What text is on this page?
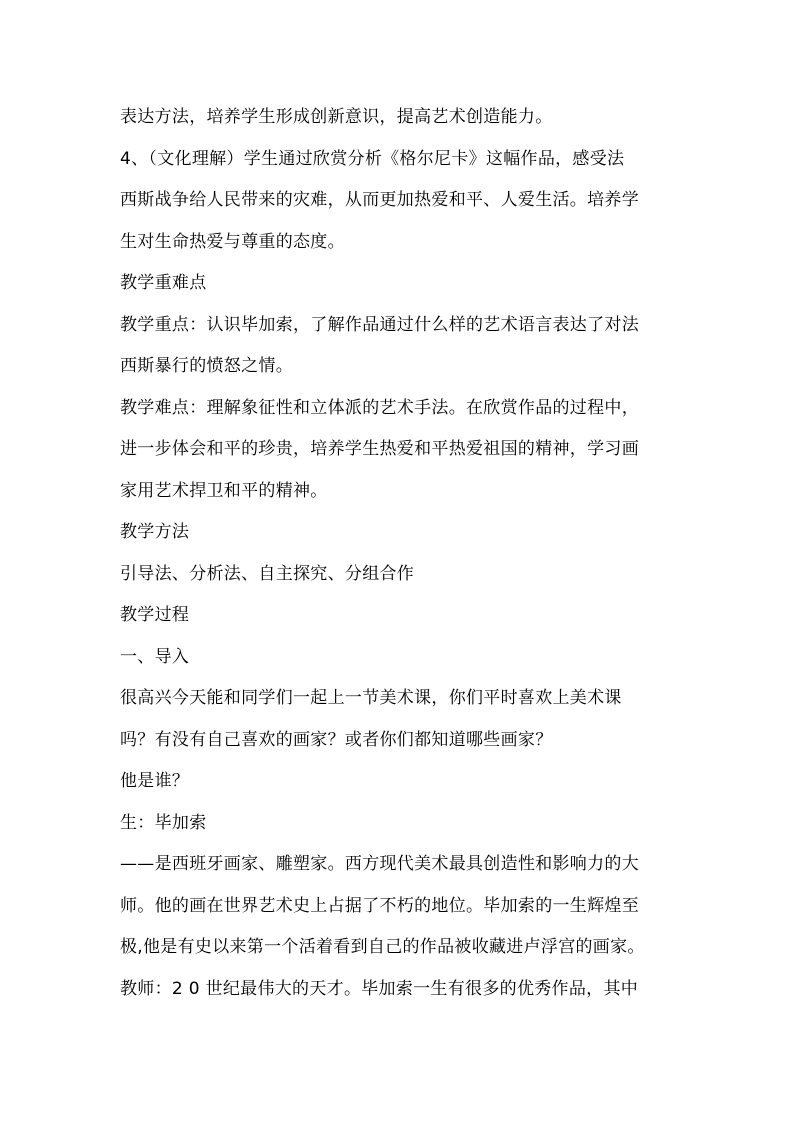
表达方法，培养学生形成创新意识，提高艺术创造能力。
4、（文化理解）学生通过欣赏分析《格尔尼卡》这幅作品，感受法
西斯战争给人民带来的灾难，从而更加热爱和平、人爱生活。培养学
生对生命热爱与尊重的态度。
教学重难点
教学重点：认识毕加索，了解作品通过什么样的艺术语言表达了对法
西斯暴行的愤怒之情。
教学难点：理解象征性和立体派的艺术手法。在欣赏作品的过程中，
进一步体会和平的珍贵，培养学生热爱和平热爱祖国的精神，学习画
家用艺术捍卫和平的精神。
教学方法
引导法、分析法、自主探究、分组合作
教学过程
一、导入
很高兴今天能和同学们一起上一节美术课，你们平时喜欢上美术课
吗？有没有自己喜欢的画家？或者你们都知道哪些画家？
他是谁？
生：毕加索
——是西班牙画家、雕塑家。西方现代美术最具创造性和影响力的大
师。他的画在世界艺术史上占据了不朽的地位。毕加索的一生辉煌至
极,他是有史以来第一个活着看到自己的作品被收藏进卢浮宫的画家。
教师：2 0 世纪最伟大的天才。毕加索一生有很多的优秀作品，其中
